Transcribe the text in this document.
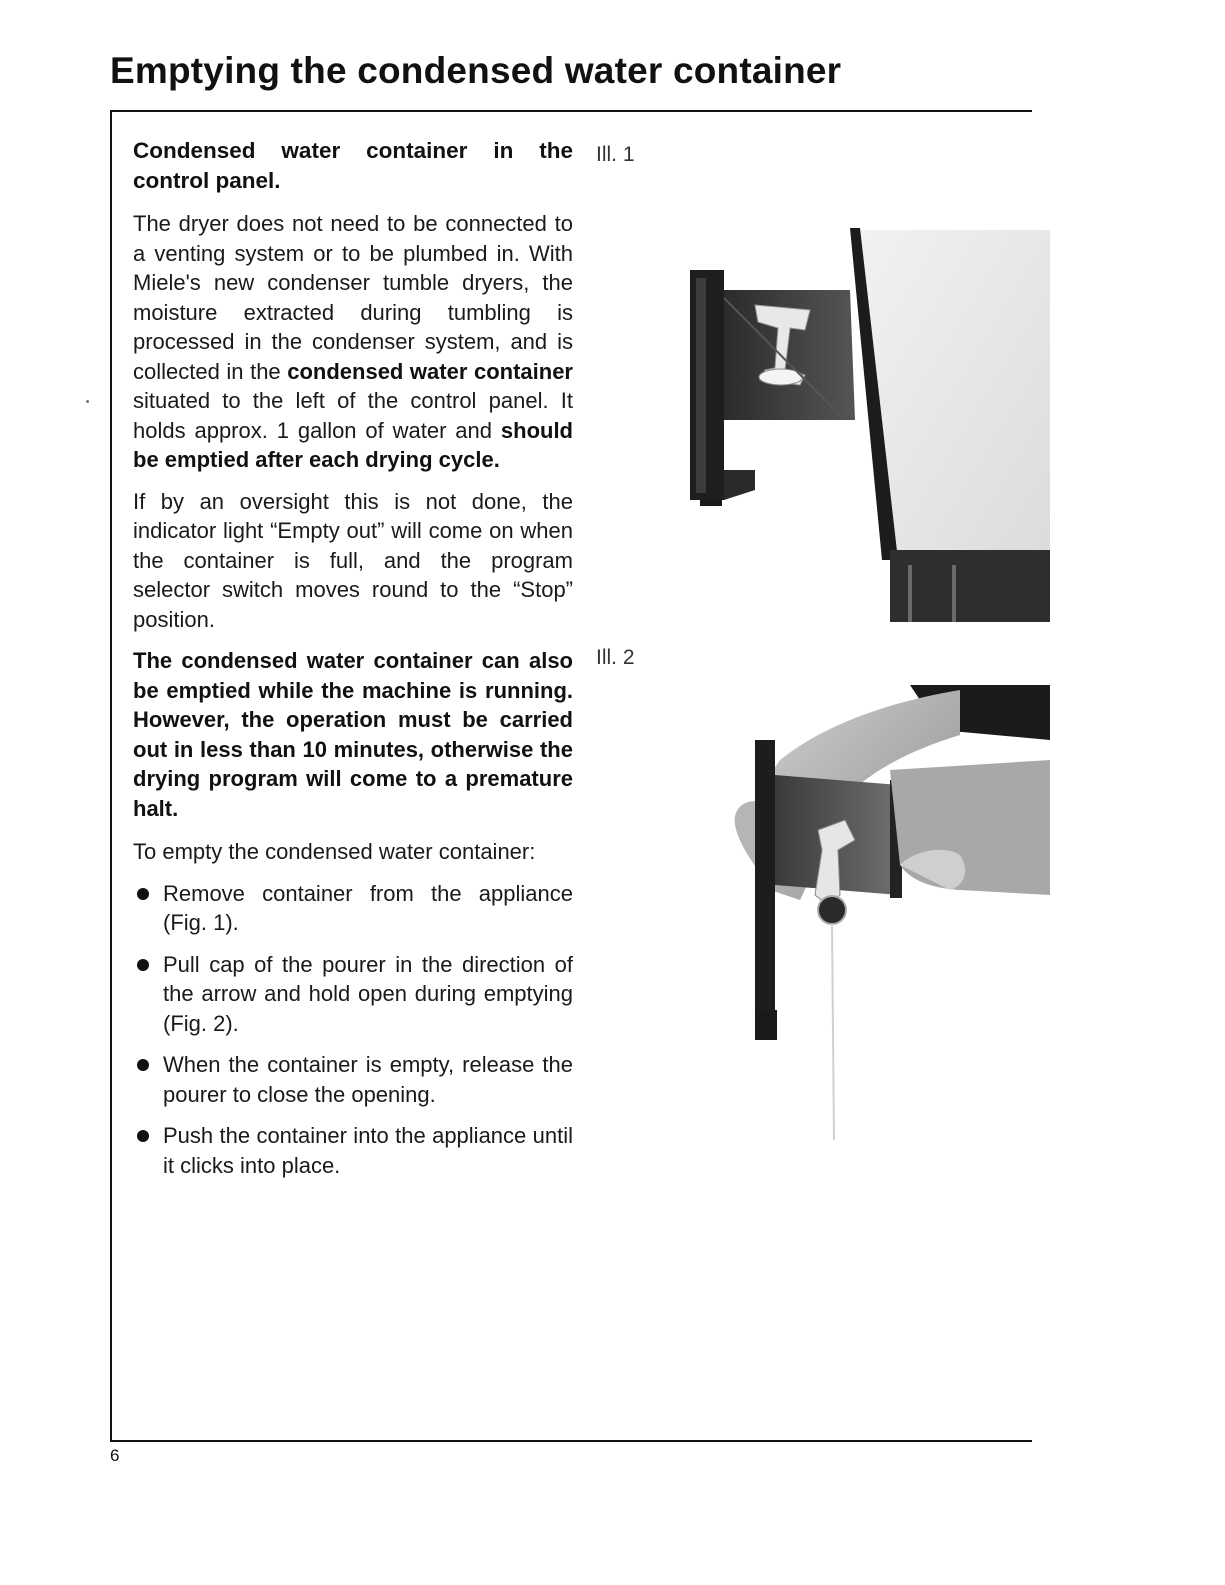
Emptying the condensed water container

Condensed water container in the control panel.

The dryer does not need to be connected to a venting system or to be plumbed in. With Miele's new condenser tumble dryers, the moisture extracted during tumbling is processed in the condenser system, and is collected in the condensed water container situated to the left of the control panel. It holds approx. 1 gallon of water and should be emptied after each drying cycle.

If by an oversight this is not done, the indicator light “Empty out” will come on when the container is full, and the program selector switch moves round to the “Stop” position.

The condensed water container can also be emptied while the machine is running. However, the operation must be carried out in less than 10 minutes, otherwise the drying program will come to a premature halt.

To empty the condensed water container:

Remove container from the appliance (Fig. 1).
Pull cap of the pourer in the direction of the arrow and hold open during emptying (Fig. 2).
When the container is empty, release the pourer to close the opening.
Push the container into the appliance until it clicks into place.
Ill. 1
Ill. 2
6
